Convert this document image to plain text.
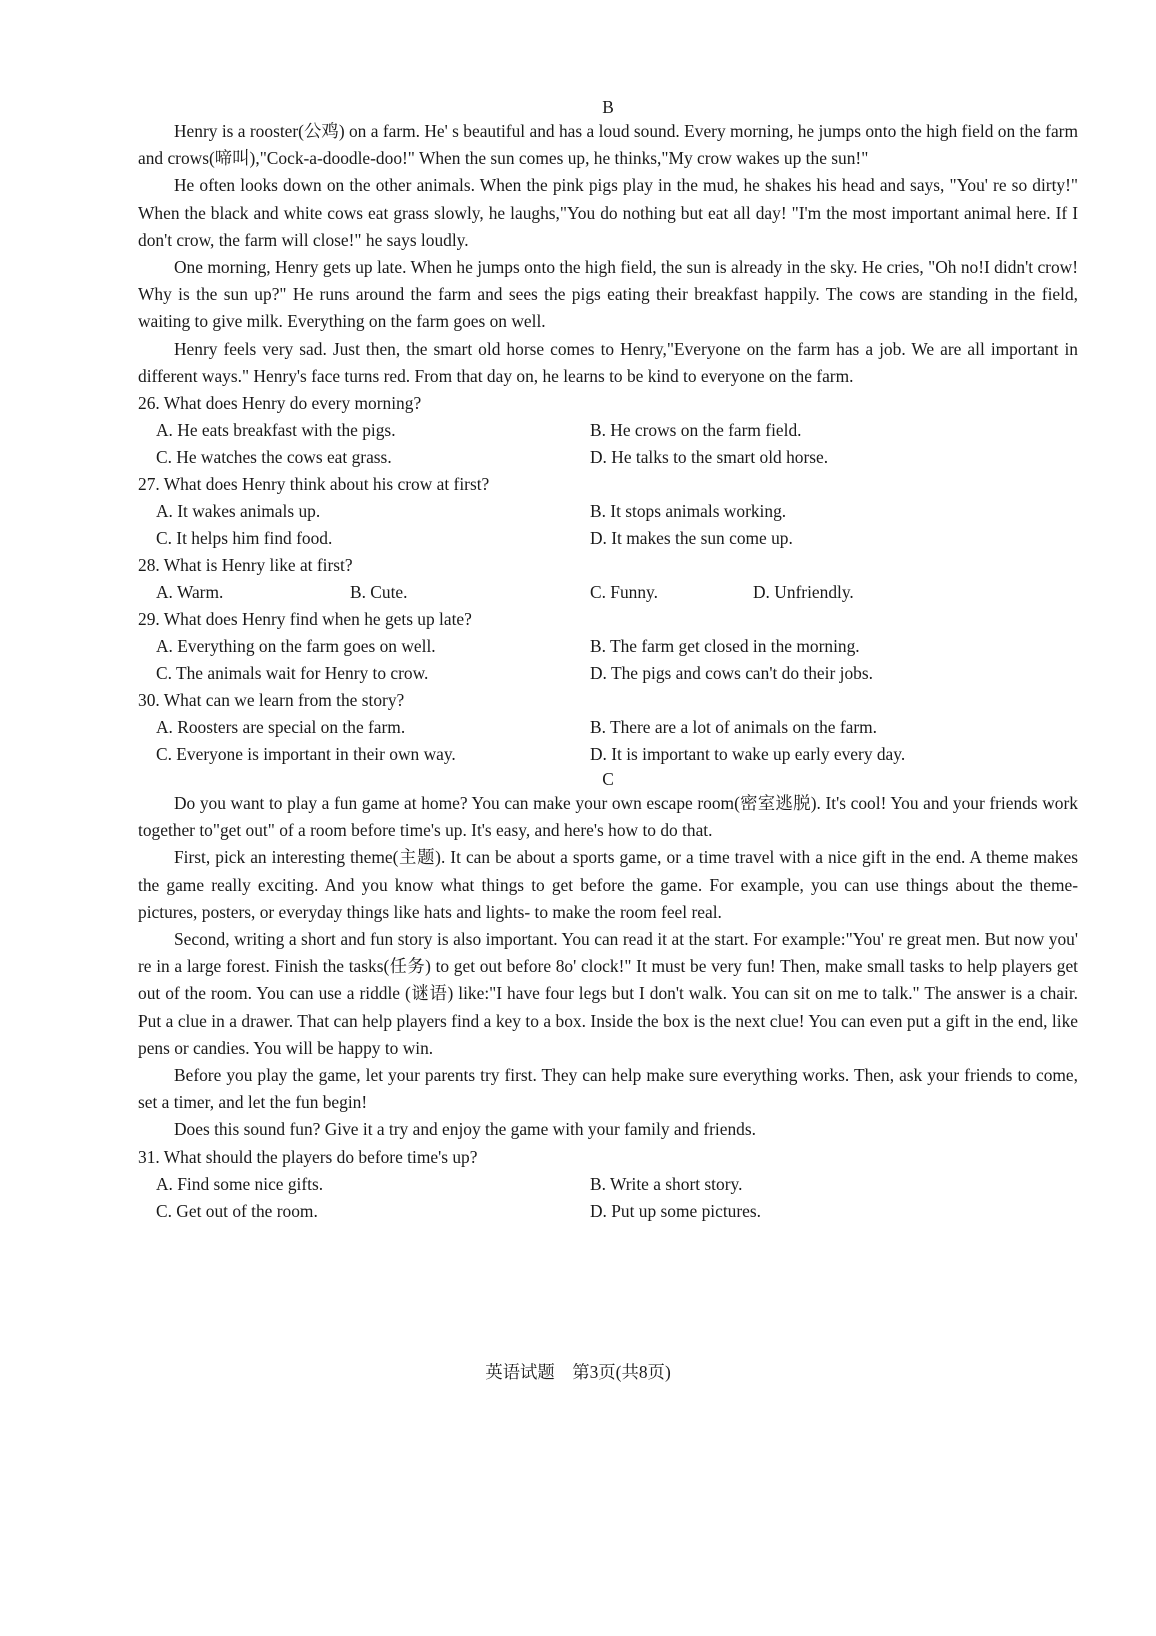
B

Henry is a rooster(公鸡) on a farm. He' s beautiful and has a loud sound. Every morning, he jumps onto the high field on the farm and crows(啼叫),"Cock-a-doodle-doo!" When the sun comes up, he thinks,"My crow wakes up the sun!"

He often looks down on the other animals. When the pink pigs play in the mud, he shakes his head and says, "You' re so dirty!" When the black and white cows eat grass slowly, he laughs,"You do nothing but eat all day! "I'm the most important animal here. If I don't crow, the farm will close!" he says loudly.

One morning, Henry gets up late. When he jumps onto the high field, the sun is already in the sky. He cries, "Oh no!I didn't crow! Why is the sun up?" He runs around the farm and sees the pigs eating their breakfast happily. The cows are standing in the field, waiting to give milk. Everything on the farm goes on well.

Henry feels very sad. Just then, the smart old horse comes to Henry,"Everyone on the farm has a job. We are all important in different ways." Henry's face turns red. From that day on, he learns to be kind to everyone on the farm.

26. What does Henry do every morning?

A. He eats breakfast with the pigs.	B. He crows on the farm field.
C. He watches the cows eat grass.	D. He talks to the smart old horse.

27. What does Henry think about his crow at first?

A. It wakes animals up.	B. It stops animals working.
C. It helps him find food.	D. It makes the sun come up.

28. What is Henry like at first?

A. Warm.	B. Cute.	C. Funny.	D. Unfriendly.

29. What does Henry find when he gets up late?

A. Everything on the farm goes on well.	B. The farm get closed in the morning.
C. The animals wait for Henry to crow.	D. The pigs and cows can't do their jobs.

30. What can we learn from the story?

A. Roosters are special on the farm.	B. There are a lot of animals on the farm.
C. Everyone is important in their own way.	D. It is important to wake up early every day.
C

Do you want to play a fun game at home? You can make your own escape room(密室逃脱). It's cool! You and your friends work together to"get out" of a room before time's up. It's easy, and here's how to do that.

First, pick an interesting theme(主题). It can be about a sports game, or a time travel with a nice gift in the end. A theme makes the game really exciting. And you know what things to get before the game. For example, you can use things about the theme- pictures, posters, or everyday things like hats and lights- to make the room feel real.

Second, writing a short and fun story is also important. You can read it at the start. For example:"You' re great men. But now you' re in a large forest. Finish the tasks(任务) to get out before 8o' clock!" It must be very fun! Then, make small tasks to help players get out of the room. You can use a riddle (谜语) like:"I have four legs but I don't walk. You can sit on me to talk." The answer is a chair. Put a clue in a drawer. That can help players find a key to a box. Inside the box is the next clue! You can even put a gift in the end, like pens or candies. You will be happy to win.

Before you play the game, let your parents try first. They can help make sure everything works. Then, ask your friends to come, set a timer, and let the fun begin!

Does this sound fun? Give it a try and enjoy the game with your family and friends.

31. What should the players do before time's up?

A. Find some nice gifts.	B. Write a short story.
C. Get out of the room.	D. Put up some pictures.
英语试题　第3页(共8页)
